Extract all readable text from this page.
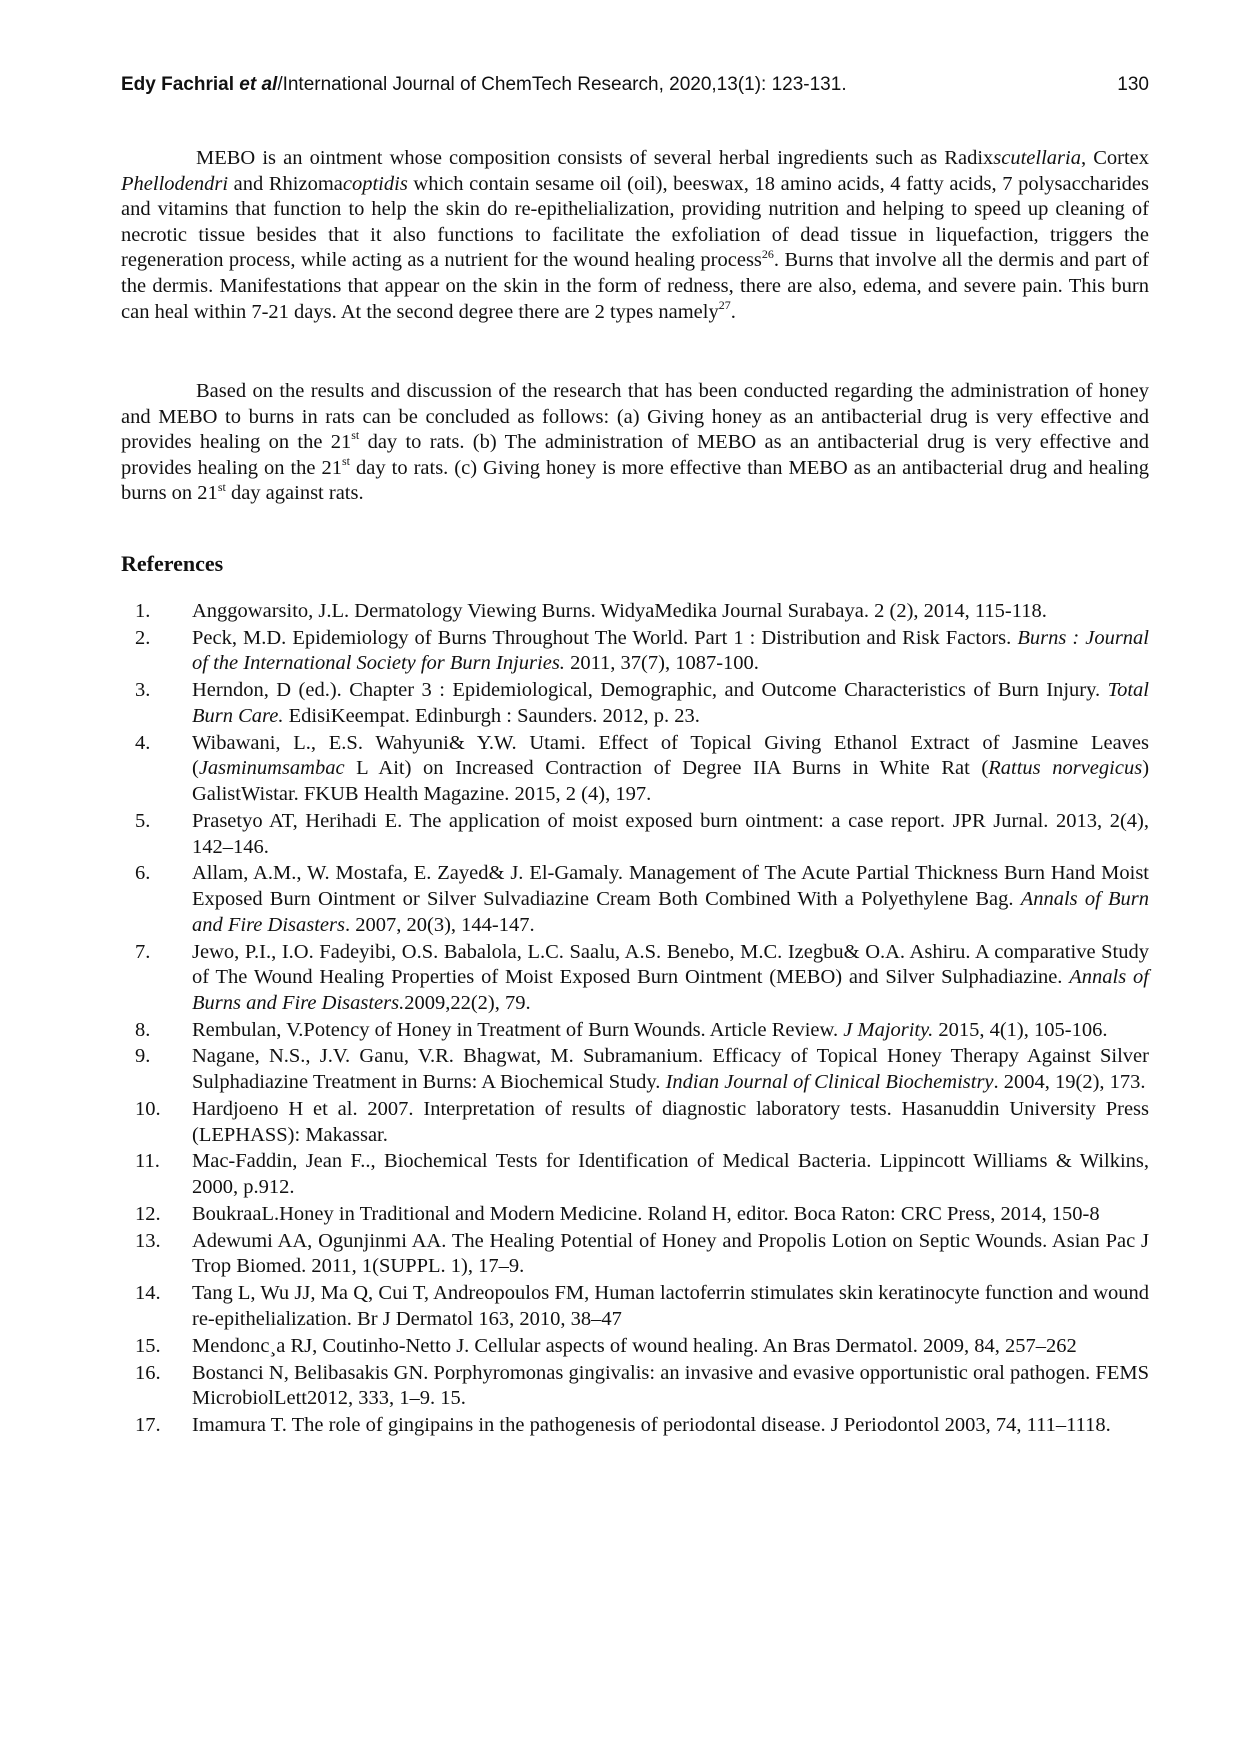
Edy Fachrial et al/International Journal of ChemTech Research, 2020,13(1): 123-131.	130

MEBO is an ointment whose composition consists of several herbal ingredients such as Radixscutellaria, Cortex Phellodendri and Rhizomacoptidis which contain sesame oil (oil), beeswax, 18 amino acids, 4 fatty acids, 7 polysaccharides and vitamins that function to help the skin do re-epithelialization, providing nutrition and helping to speed up cleaning of necrotic tissue besides that it also functions to facilitate the exfoliation of dead tissue in liquefaction, triggers the regeneration process, while acting as a nutrient for the wound healing process$^{26}$. Burns that involve all the dermis and part of the dermis. Manifestations that appear on the skin in the form of redness, there are also, edema, and severe pain. This burn can heal within 7-21 days. At the second degree there are 2 types namely$^{27}$.

Based on the results and discussion of the research that has been conducted regarding the administration of honey and MEBO to burns in rats can be concluded as follows: (a) Giving honey as an antibacterial drug is very effective and provides healing on the 21st day to rats. (b) The administration of MEBO as an antibacterial drug is very effective and provides healing on the 21st day to rats. (c) Giving honey is more effective than MEBO as an antibacterial drug and healing burns on 21st day against rats.

References
1.	Anggowarsito, J.L. Dermatology Viewing Burns. WidyaMedika Journal Surabaya. 2 (2), 2014, 115-118.
2.	Peck, M.D. Epidemiology of Burns Throughout The World. Part 1 : Distribution and Risk Factors. Burns : Journal of the International Society for Burn Injuries. 2011, 37(7), 1087-100.
3.	Herndon, D (ed.). Chapter 3 : Epidemiological, Demographic, and Outcome Characteristics of Burn Injury. Total Burn Care. EdisiKeempat. Edinburgh : Saunders. 2012, p. 23.
4.	Wibawani, L., E.S. Wahyuni& Y.W. Utami. Effect of Topical Giving Ethanol Extract of Jasmine Leaves (Jasminumsambac L Ait) on Increased Contraction of Degree IIA Burns in White Rat (Rattus norvegicus) GalistWistar. FKUB Health Magazine. 2015, 2 (4), 197.
5.	Prasetyo AT, Herihadi E. The application of moist exposed burn ointment: a case report. JPR Jurnal. 2013, 2(4), 142–146.
6.	Allam, A.M., W. Mostafa, E. Zayed& J. El-Gamaly. Management of The Acute Partial Thickness Burn Hand Moist Exposed Burn Ointment or Silver Sulvadiazine Cream Both Combined With a Polyethylene Bag. Annals of Burn and Fire Disasters. 2007, 20(3), 144-147.
7.	Jewo, P.I., I.O. Fadeyibi, O.S. Babalola, L.C. Saalu, A.S. Benebo, M.C. Izegbu& O.A. Ashiru. A comparative Study of The Wound Healing Properties of Moist Exposed Burn Ointment (MEBO) and Silver Sulphadiazine. Annals of Burns and Fire Disasters.2009,22(2), 79.
8.	Rembulan, V.Potency of Honey in Treatment of Burn Wounds. Article Review. J Majority. 2015, 4(1), 105-106.
9.	Nagane, N.S., J.V. Ganu, V.R. Bhagwat, M. Subramanium. Efficacy of Topical Honey Therapy Against Silver Sulphadiazine Treatment in Burns: A Biochemical Study. Indian Journal of Clinical Biochemistry. 2004, 19(2), 173.
10.	Hardjoeno H et al. 2007. Interpretation of results of diagnostic laboratory tests. Hasanuddin University Press (LEPHASS): Makassar.
11.	Mac-Faddin, Jean F.., Biochemical Tests for Identification of Medical Bacteria. Lippincott Williams & Wilkins, 2000, p.912.
12.	BoukraaL.Honey in Traditional and Modern Medicine. Roland H, editor. Boca Raton: CRC Press, 2014, 150-8
13.	Adewumi AA, Ogunjinmi AA. The Healing Potential of Honey and Propolis Lotion on Septic Wounds. Asian Pac J Trop Biomed. 2011, 1(SUPPL. 1), 17–9.
14.	Tang L, Wu JJ, Ma Q, Cui T, Andreopoulos FM, Human lactoferrin stimulates skin keratinocyte function and wound re-epithelialization. Br J Dermatol 163, 2010, 38–47
15.	Mendonc¸a RJ, Coutinho-Netto J. Cellular aspects of wound healing. An Bras Dermatol. 2009, 84, 257–262
16.	Bostanci N, Belibasakis GN. Porphyromonas gingivalis: an invasive and evasive opportunistic oral pathogen. FEMS MicrobiolLett2012, 333, 1–9. 15.
17.	Imamura T. The role of gingipains in the pathogenesis of periodontal disease. J Periodontol 2003, 74, 111–1118.
